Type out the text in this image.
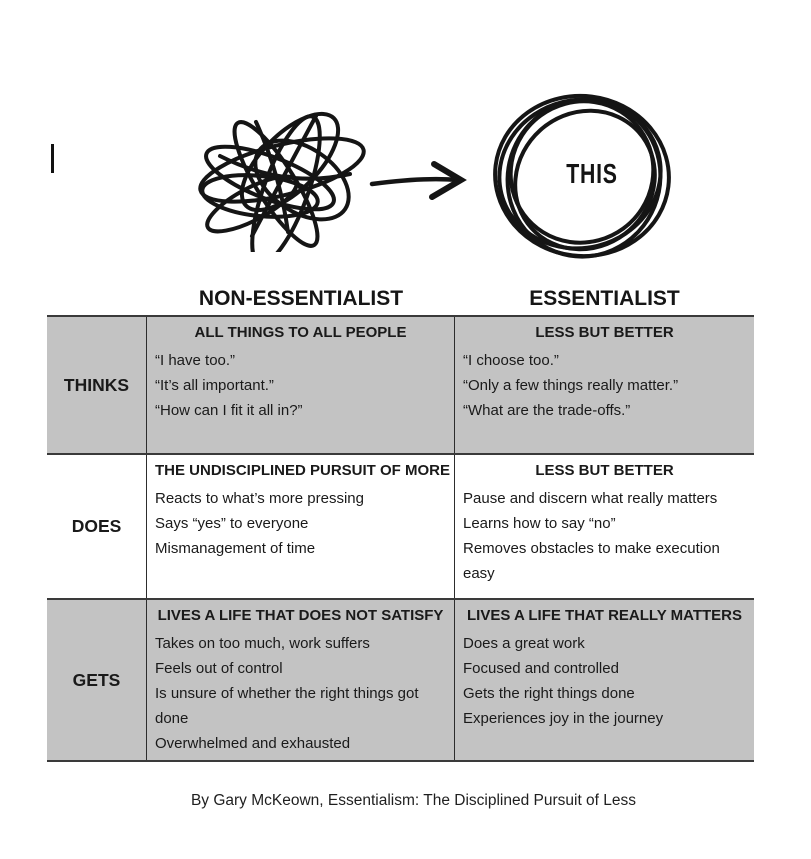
THIS
NON-ESSENTIALIST	ESSENTIALIST
THINKS
ALL THINGS TO ALL PEOPLE
“I have too.”
“It’s all important.”
“How can I fit it all in?”
LESS BUT BETTER
“I choose too.”
“Only a few things really matter.”
“What are the trade-offs.”
DOES
THE UNDISCIPLINED PURSUIT OF MORE
Reacts to what’s more pressing
Says “yes” to everyone
Mismanagement of time
LESS BUT BETTER
Pause and discern what really matters
Learns how to say “no”
Removes obstacles to make execution easy
GETS
LIVES A LIFE THAT DOES NOT SATISFY
Takes on too much, work suffers
Feels out of control
Is unsure of whether the right things got done
Overwhelmed and exhausted
LIVES A LIFE THAT REALLY MATTERS
Does a great work
Focused and controlled
Gets the right things done
Experiences joy in the journey
By Gary McKeown, Essentialism: The Disciplined Pursuit of Less
